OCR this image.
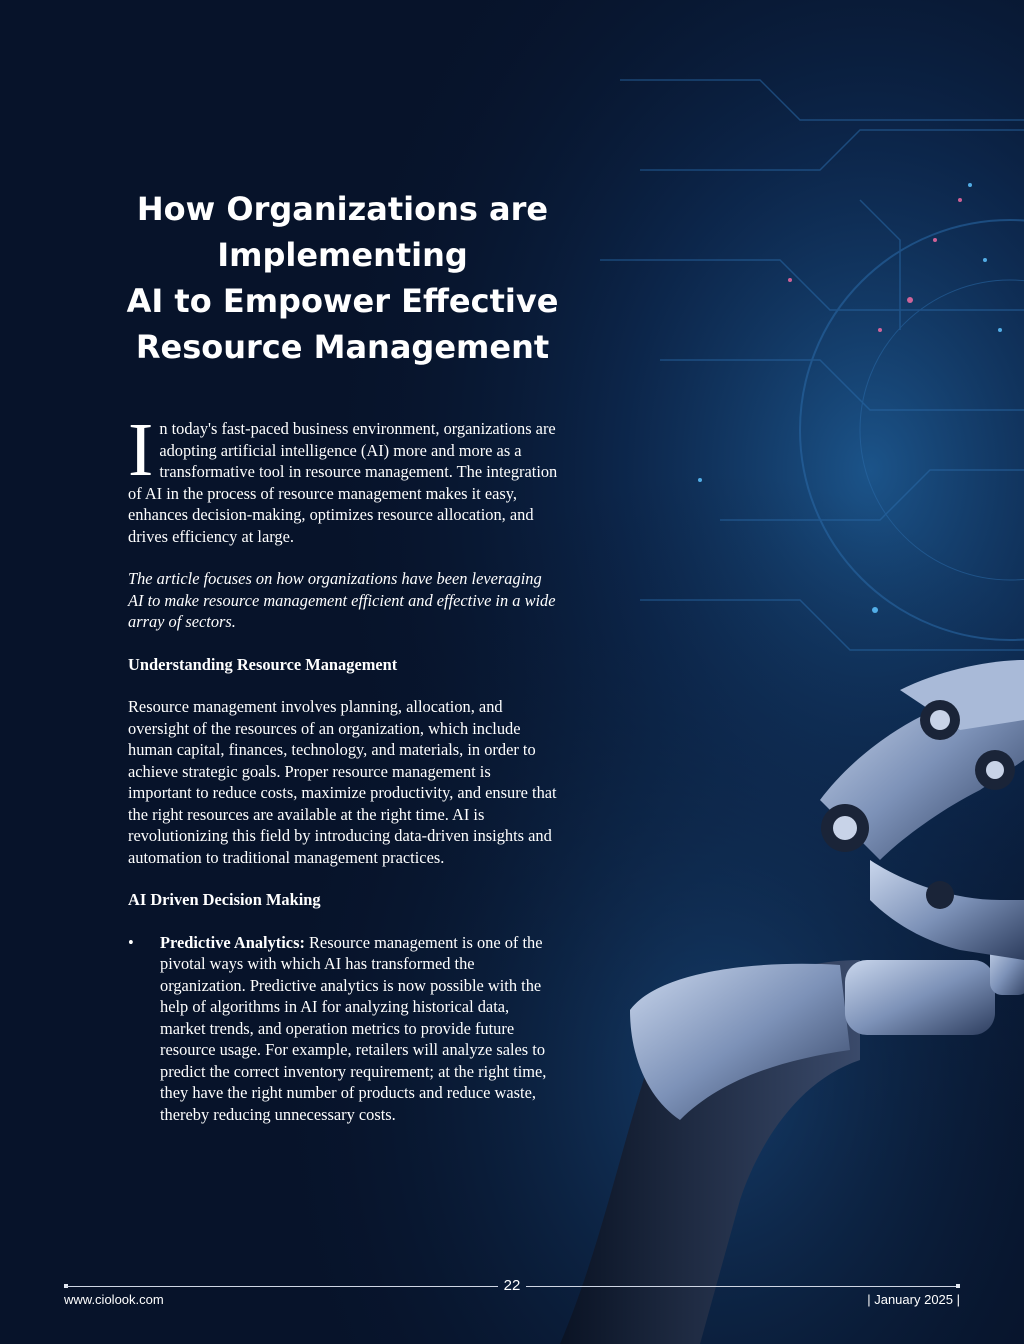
How Organizations are
Implementing
AI to Empower Effective
Resource Management

In today's fast-paced business environment, organizations are adopting artificial intelligence (AI) more and more as a transformative tool in resource management. The integration of AI in the process of resource management makes it easy, enhances decision-making, optimizes resource allocation, and drives efficiency at large.

The article focuses on how organizations have been leveraging AI to make resource management efficient and effective in a wide array of sectors.

Understanding Resource Management

Resource management involves planning, allocation, and oversight of the resources of an organization, which include human capital, finances, technology, and materials, in order to achieve strategic goals. Proper resource management is important to reduce costs, maximize productivity, and ensure that the right resources are available at the right time. AI is revolutionizing this field by introducing data-driven insights and automation to traditional management practices.

AI Driven Decision Making
• Predictive Analytics: Resource management is one of the pivotal ways with which AI has transformed the organization. Predictive analytics is now possible with the help of algorithms in AI for analyzing historical data, market trends, and operation metrics to provide future resource usage. For example, retailers will analyze sales to predict the correct inventory requirement; at the right time, they have the right number of products and reduce waste, thereby reducing unnecessary costs.
22
www.ciolook.com	| January 2025 |
